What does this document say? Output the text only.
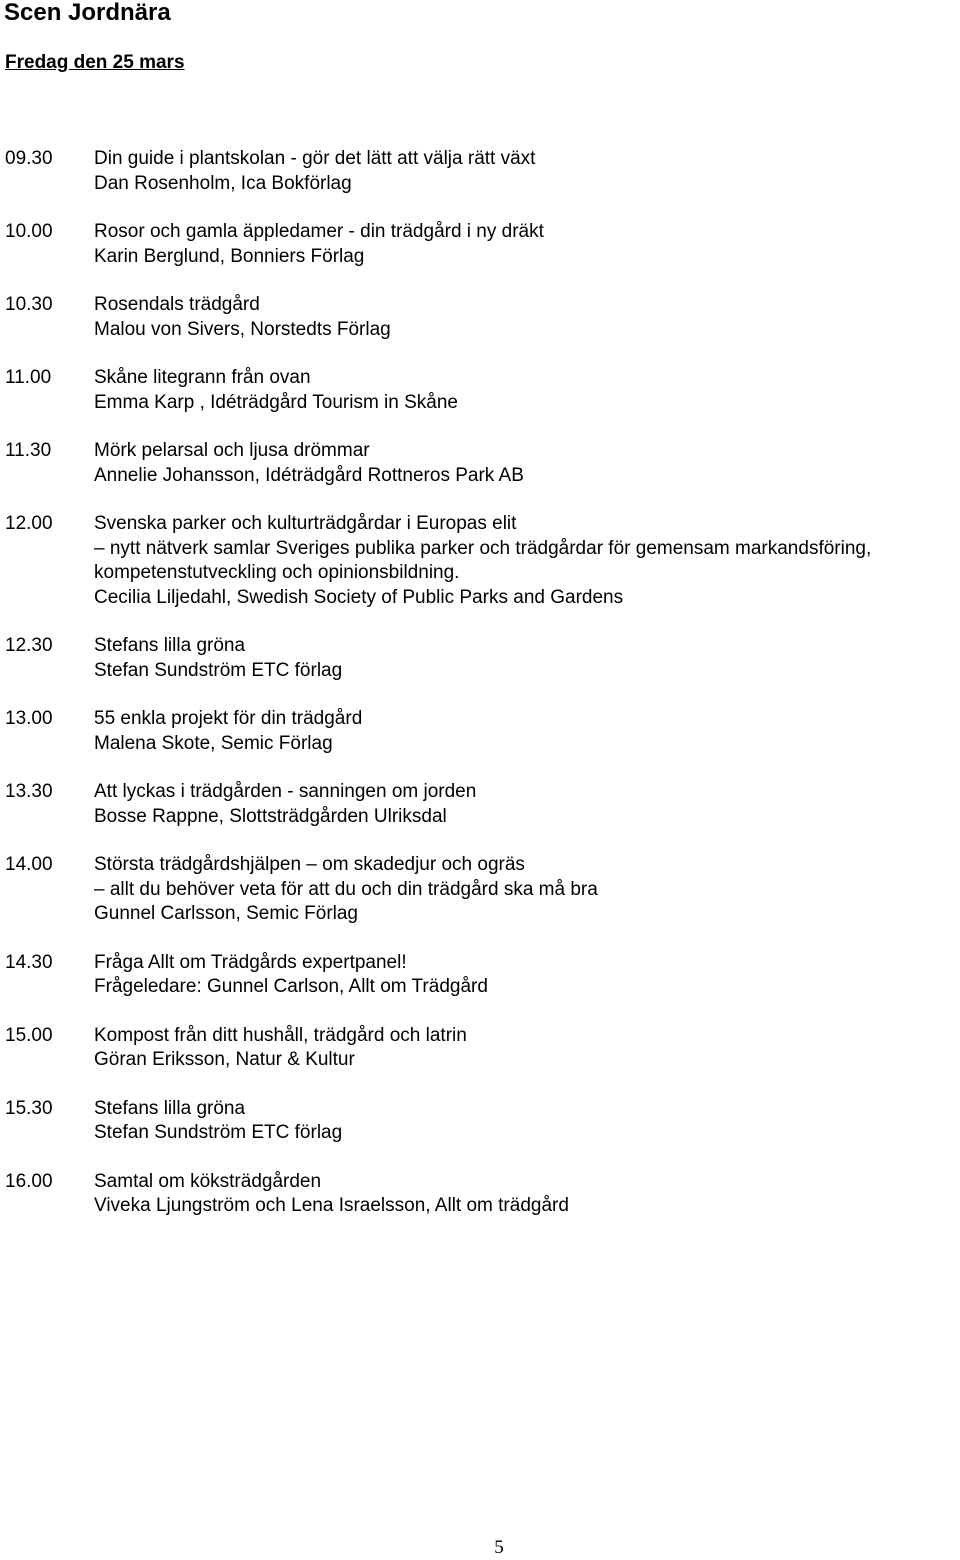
Scen Jordnära
Fredag den 25 mars
09.30 Din guide i plantskolan - gör det lätt att välja rätt växt
Dan Rosenholm, Ica Bokförlag
10.00 Rosor och gamla äppledamer - din trädgård i ny dräkt
Karin Berglund, Bonniers Förlag
10.30 Rosendals trädgård
Malou von Sivers, Norstedts Förlag
11.00 Skåne litegrann från ovan
Emma Karp , Idéträdgård Tourism in Skåne
11.30 Mörk pelarsal och ljusa drömmar
Annelie Johansson, Idéträdgård Rottneros Park AB
12.00 Svenska parker och kulturträdgårdar i Europas elit
– nytt nätverk samlar Sveriges publika parker och trädgårdar för gemensam markandsföring,
kompetenstutveckling och opinionsbildning.
Cecilia Liljedahl, Swedish Society of Public Parks and Gardens
12.30 Stefans lilla gröna
Stefan Sundström ETC förlag
13.00 55 enkla projekt för din trädgård
Malena Skote, Semic Förlag
13.30 Att lyckas i trädgården - sanningen om jorden
Bosse Rappne, Slottsträdgården Ulriksdal
14.00 Största trädgårdshjälpen – om skadedjur och ogräs
– allt du behöver veta för att du och din trädgård ska må bra
Gunnel Carlsson, Semic Förlag
14.30 Fråga Allt om Trädgårds expertpanel!
Frågeledare: Gunnel Carlson, Allt om Trädgård
15.00 Kompost från ditt hushåll, trädgård och latrin
Göran Eriksson, Natur & Kultur
15.30 Stefans lilla gröna
Stefan Sundström ETC förlag
16.00 Samtal om köksträdgården
Viveka Ljungström och Lena Israelsson, Allt om trädgård
5
